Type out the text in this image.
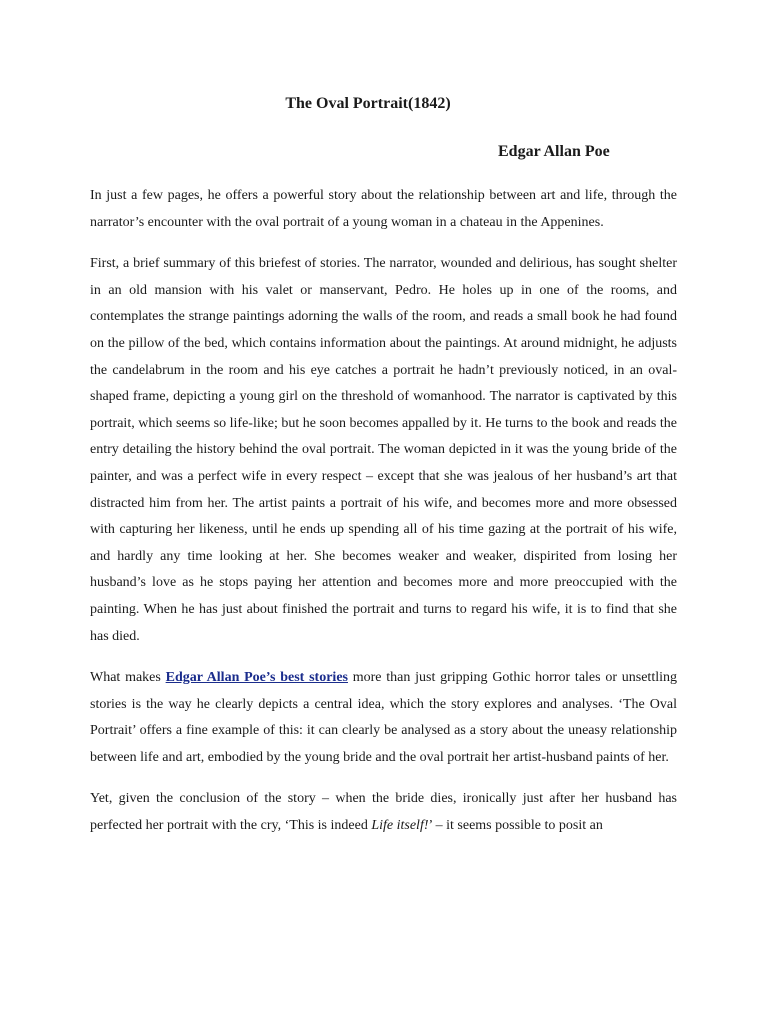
The Oval Portrait(1842)
Edgar Allan Poe

In just a few pages, he offers a powerful story about the relationship between art and life, through the narrator’s encounter with the oval portrait of a young woman in a chateau in the Appenines.

First, a brief summary of this briefest of stories. The narrator, wounded and delirious, has sought shelter in an old mansion with his valet or manservant, Pedro. He holes up in one of the rooms, and contemplates the strange paintings adorning the walls of the room, and reads a small book he had found on the pillow of the bed, which contains information about the paintings. At around midnight, he adjusts the candelabrum in the room and his eye catches a portrait he hadn’t previously noticed, in an oval-shaped frame, depicting a young girl on the threshold of womanhood. The narrator is captivated by this portrait, which seems so life-like; but he soon becomes appalled by it. He turns to the book and reads the entry detailing the history behind the oval portrait. The woman depicted in it was the young bride of the painter, and was a perfect wife in every respect – except that she was jealous of her husband’s art that distracted him from her. The artist paints a portrait of his wife, and becomes more and more obsessed with capturing her likeness, until he ends up spending all of his time gazing at the portrait of his wife, and hardly any time looking at her. She becomes weaker and weaker, dispirited from losing her husband’s love as he stops paying her attention and becomes more and more preoccupied with the painting. When he has just about finished the portrait and turns to regard his wife, it is to find that she has died.

What makes Edgar Allan Poe’s best stories more than just gripping Gothic horror tales or unsettling stories is the way he clearly depicts a central idea, which the story explores and analyses. ‘The Oval Portrait’ offers a fine example of this: it can clearly be analysed as a story about the uneasy relationship between life and art, embodied by the young bride and the oval portrait her artist-husband paints of her.

Yet, given the conclusion of the story – when the bride dies, ironically just after her husband has perfected her portrait with the cry, ‘This is indeed Life itself!’ – it seems possible to posit an
